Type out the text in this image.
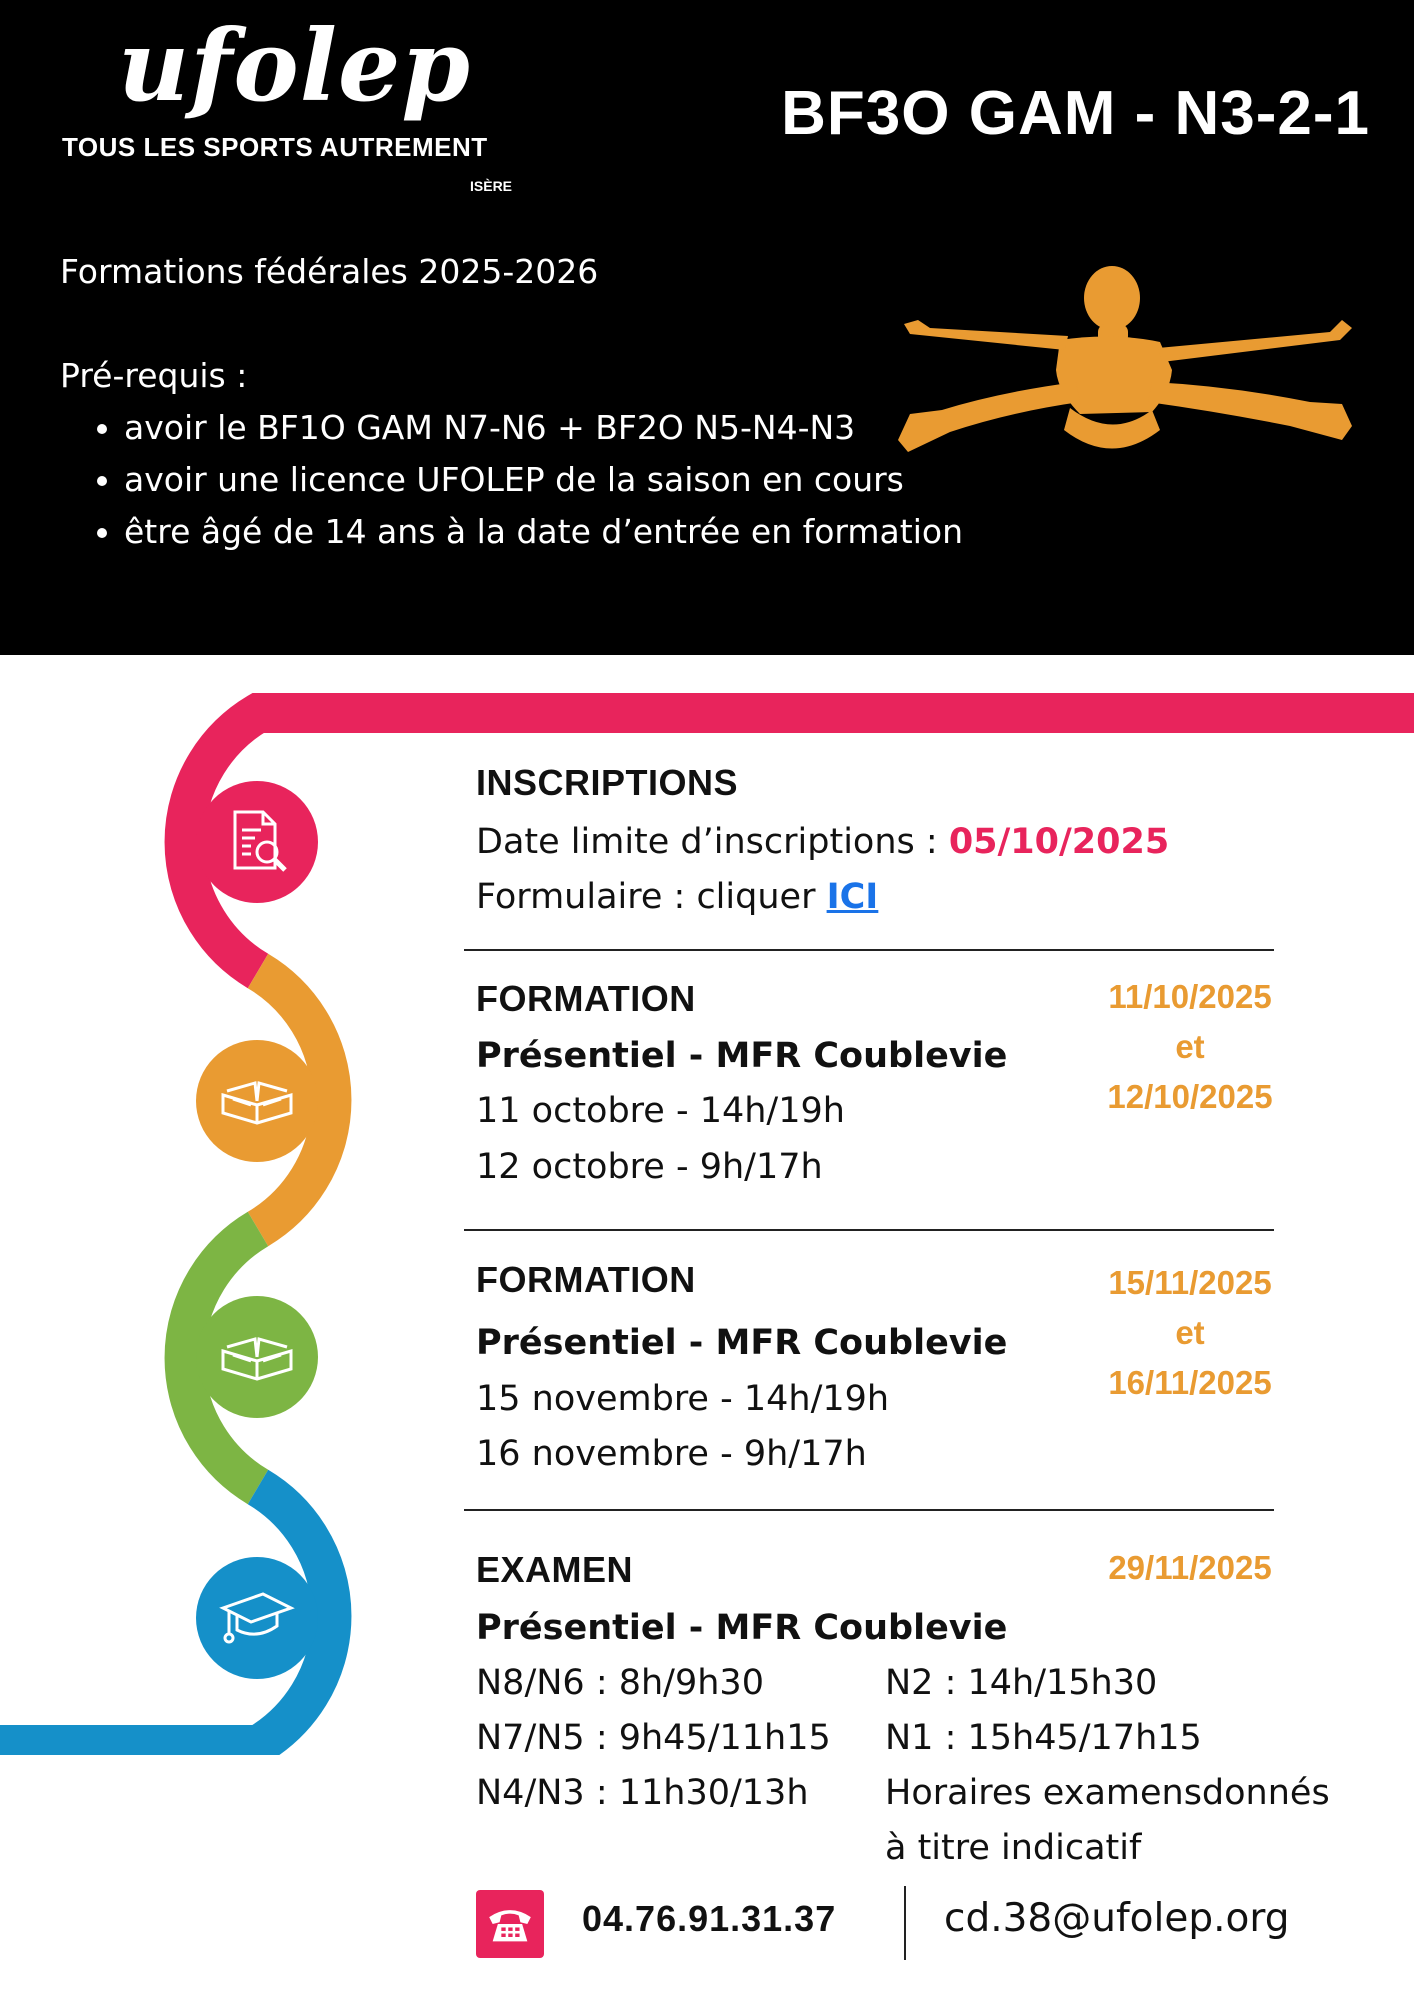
ufolep
TOUS LES SPORTS AUTREMENT
ISÈRE
BF3O GAM - N3-2-1
Formations fédérales 2025-2026
Pré-requis :
• avoir le BF1O GAM N7-N6 + BF2O N5-N4-N3
• avoir une licence UFOLEP de la saison en cours
• être âgé de 14 ans à la date d’entrée en formation
INSCRIPTIONS
Date limite d’inscriptions : 05/10/2025
Formulaire : cliquer ICI
FORMATION
Présentiel - MFR Coublevie
11 octobre - 14h/19h
12 octobre - 9h/17h
11/10/2025
et
12/10/2025
FORMATION
Présentiel - MFR Coublevie
15 novembre - 14h/19h
16 novembre - 9h/17h
15/11/2025
et
16/11/2025
EXAMEN	29/11/2025
Présentiel - MFR Coublevie
N8/N6 : 8h/9h30
N7/N5 : 9h45/11h15
N4/N3 : 11h30/13h
N2 : 14h/15h30
N1 : 15h45/17h15
Horaires examensdonnés
à titre indicatif
04.76.91.31.37	cd.38@ufolep.org
